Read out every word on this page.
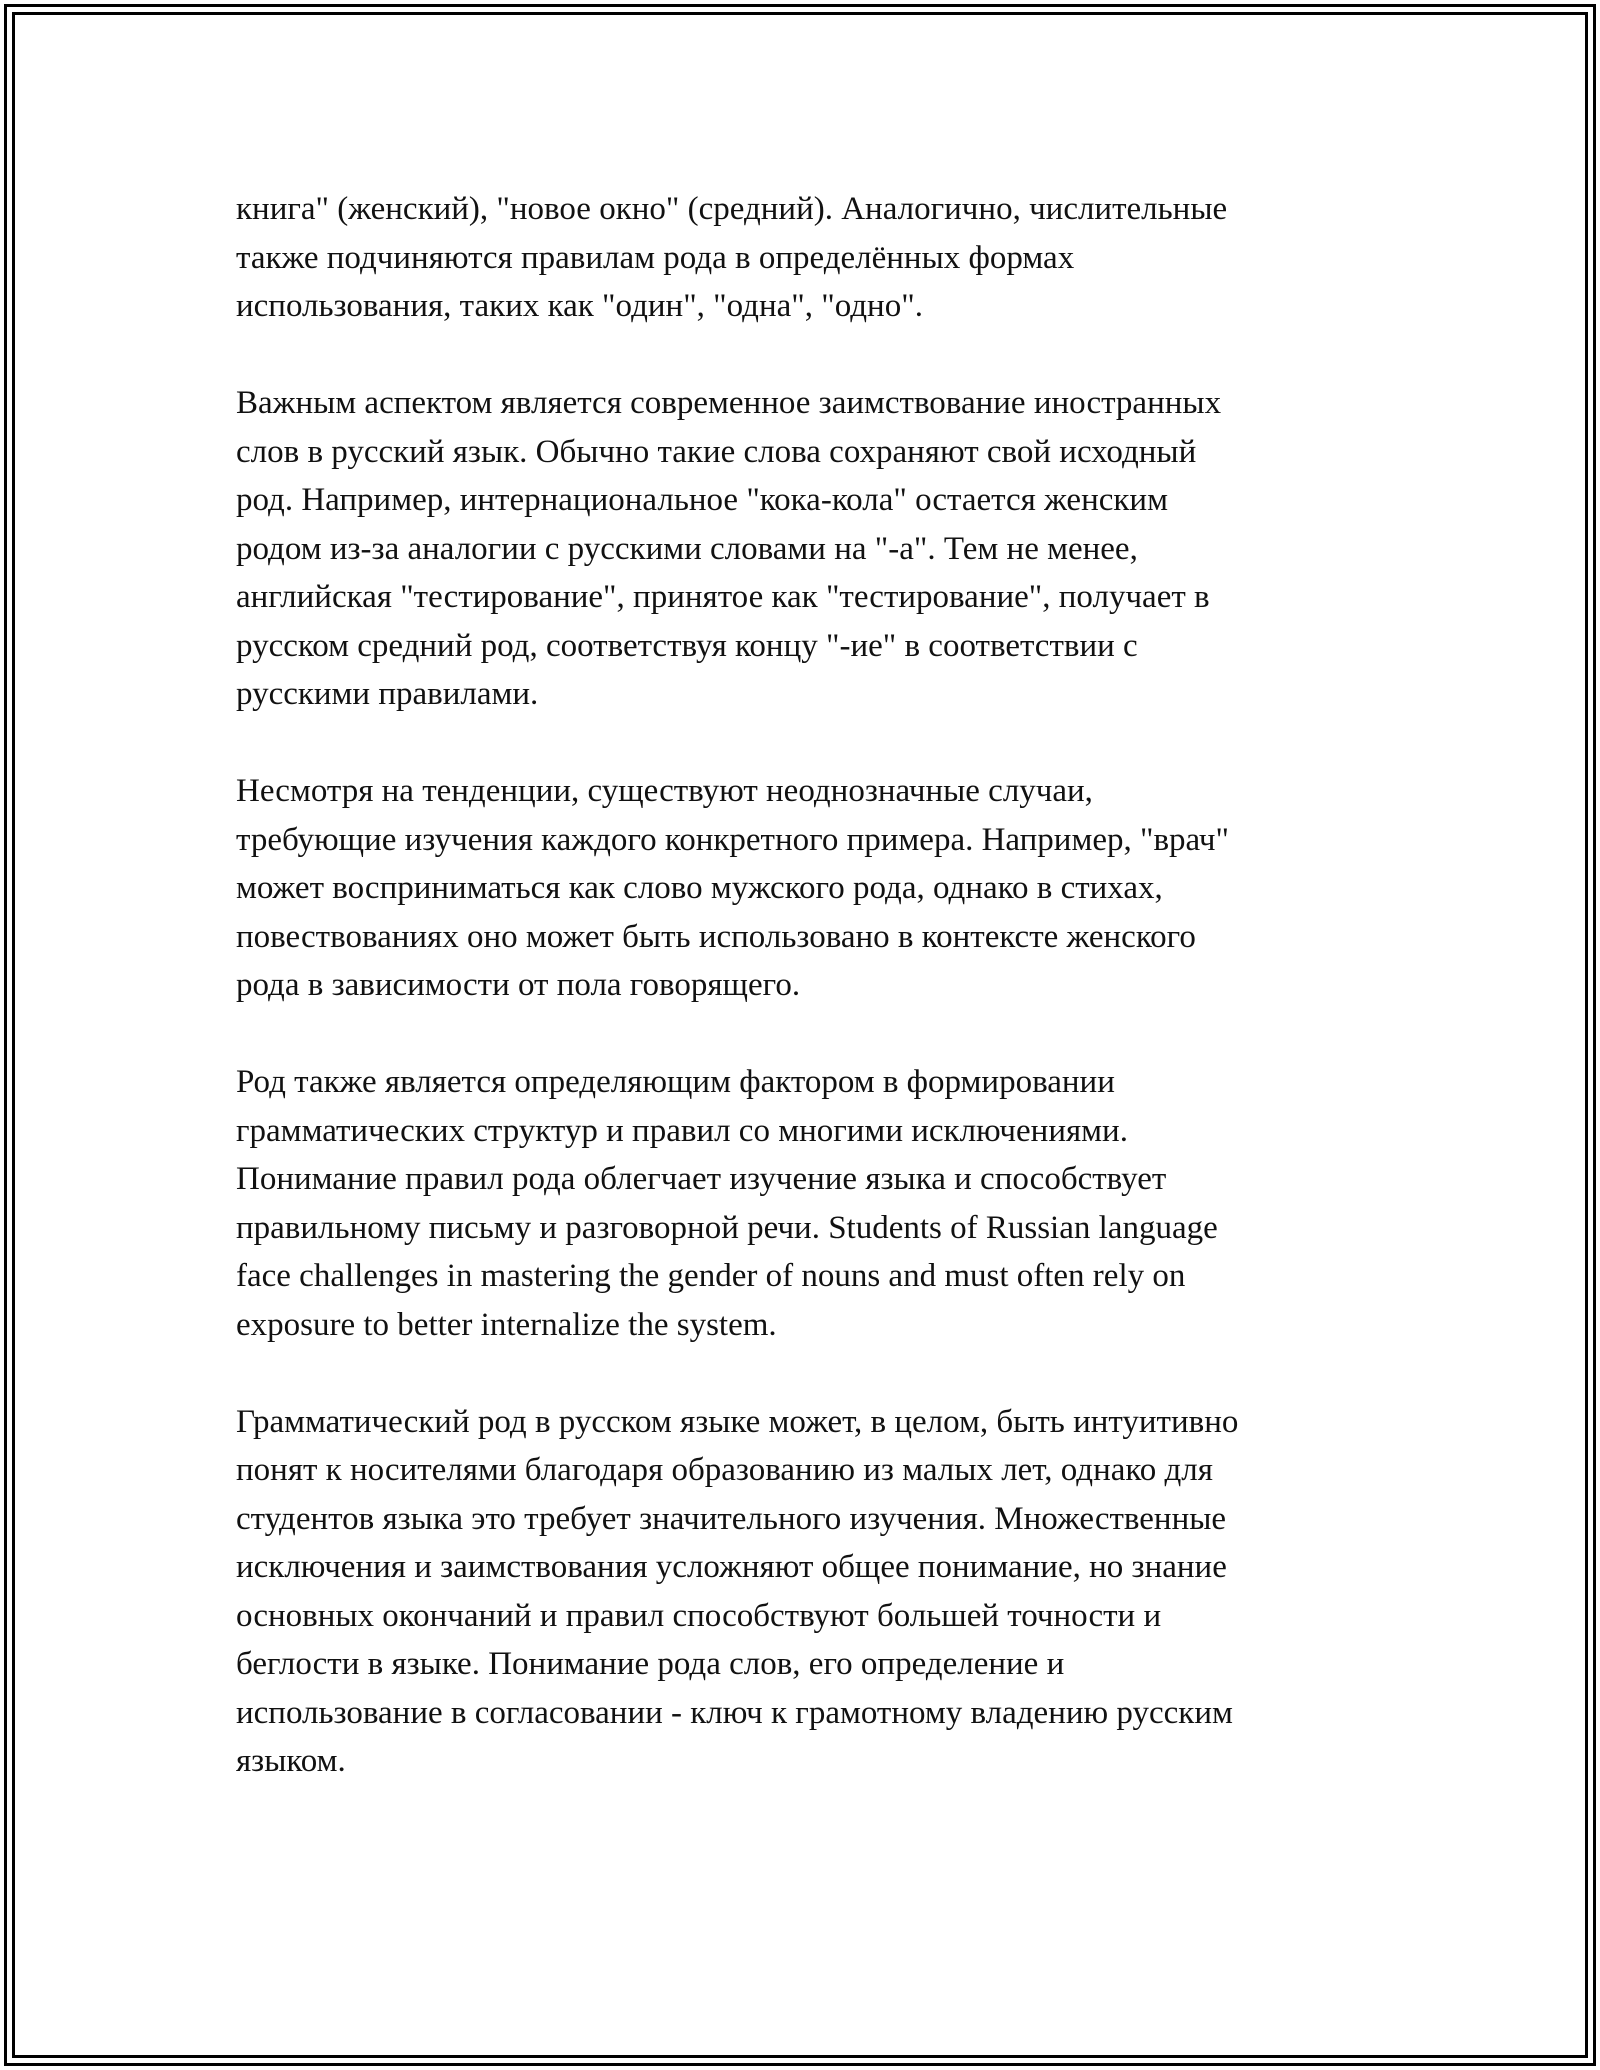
книга" (женский), "новое окно" (средний). Аналогично, числительные
также подчиняются правилам рода в определённых формах
использования, таких как "один", "одна", "одно".

Важным аспектом является современное заимствование иностранных
слов в русский язык. Обычно такие слова сохраняют свой исходный
род. Например, интернациональное "кока-кола" остается женским
родом из-за аналогии с русскими словами на "-а". Тем не менее,
английская "тестирование", принятое как "тестирование", получает в
русском средний род, соответствуя концу "-ие" в соответствии с
русскими правилами.

Несмотря на тенденции, существуют неоднозначные случаи,
требующие изучения каждого конкретного примера. Например, "врач"
может восприниматься как слово мужского рода, однако в стихах,
повествованиях оно может быть использовано в контексте женского
рода в зависимости от пола говорящего.

Род также является определяющим фактором в формировании
грамматических структур и правил со многими исключениями.
Понимание правил рода облегчает изучение языка и способствует
правильному письму и разговорной речи. Students of Russian language
face challenges in mastering the gender of nouns and must often rely on
exposure to better internalize the system.

Грамматический род в русском языке может, в целом, быть интуитивно
понят к носителями благодаря образованию из малых лет, однако для
студентов языка это требует значительного изучения. Множественные
исключения и заимствования усложняют общее понимание, но знание
основных окончаний и правил способствуют большей точности и
беглости в языке. Понимание рода слов, его определение и
использование в согласовании - ключ к грамотному владению русским
языком.
